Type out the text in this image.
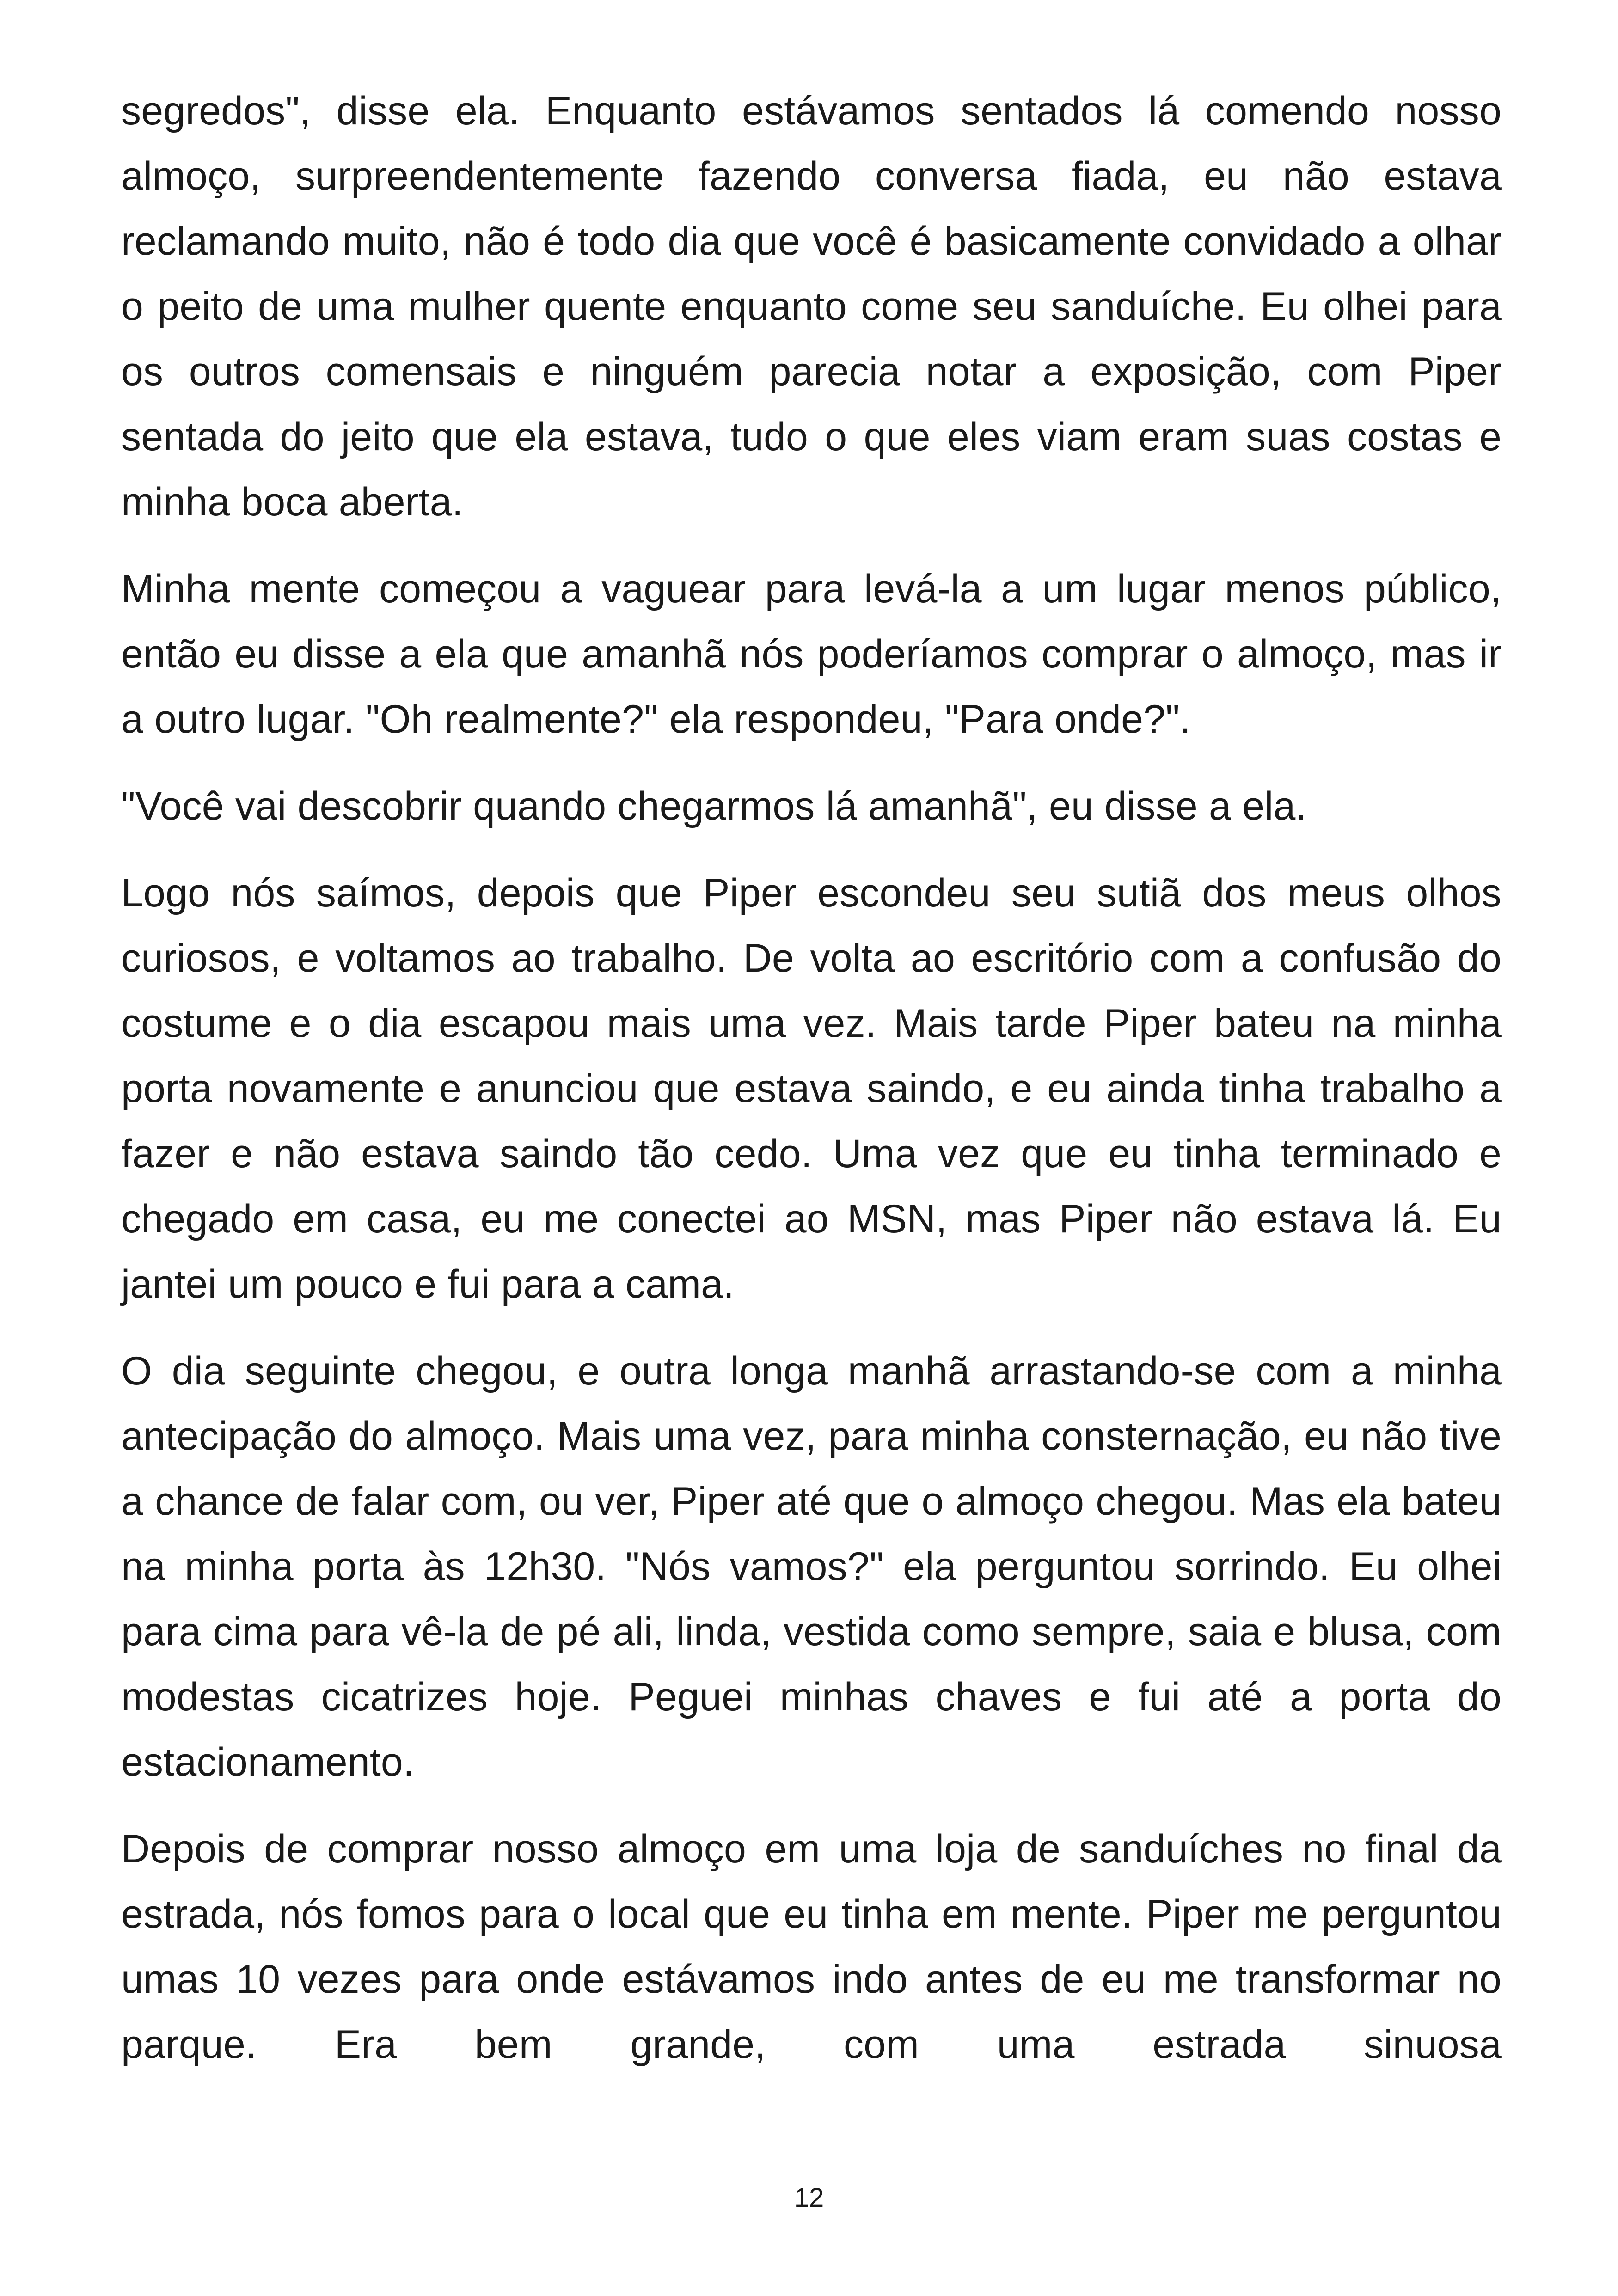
segredos", disse ela. Enquanto estávamos sentados lá comendo nosso almoço, surpreendentemente fazendo conversa fiada, eu não estava reclamando muito, não é todo dia que você é basicamente convidado a olhar o peito de uma mulher quente enquanto come seu sanduíche. Eu olhei para os outros comensais e ninguém parecia notar a exposição, com Piper sentada do jeito que ela estava, tudo o que eles viam eram suas costas e minha boca aberta.

Minha mente começou a vaguear para levá-la a um lugar menos público, então eu disse a ela que amanhã nós poderíamos comprar o almoço, mas ir a outro lugar. "Oh realmente?" ela respondeu, "Para onde?".

"Você vai descobrir quando chegarmos lá amanhã", eu disse a ela.

Logo nós saímos, depois que Piper escondeu seu sutiã dos meus olhos curiosos, e voltamos ao trabalho. De volta ao escritório com a confusão do costume e o dia escapou mais uma vez. Mais tarde Piper bateu na minha porta novamente e anunciou que estava saindo, e eu ainda tinha trabalho a fazer e não estava saindo tão cedo. Uma vez que eu tinha terminado e chegado em casa, eu me conectei ao MSN, mas Piper não estava lá. Eu jantei um pouco e fui para a cama.

O dia seguinte chegou, e outra longa manhã arrastando-se com a minha antecipação do almoço. Mais uma vez, para minha consternação, eu não tive a chance de falar com, ou ver, Piper até que o almoço chegou. Mas ela bateu na minha porta às 12h30. "Nós vamos?" ela perguntou sorrindo. Eu olhei para cima para vê-la de pé ali, linda, vestida como sempre, saia e blusa, com modestas cicatrizes hoje. Peguei minhas chaves e fui até a porta do estacionamento.

Depois de comprar nosso almoço em uma loja de sanduíches no final da estrada, nós fomos para o local que eu tinha em mente. Piper me perguntou umas 10 vezes para onde estávamos indo antes de eu me transformar no parque. Era bem grande, com uma estrada sinuosa

12
